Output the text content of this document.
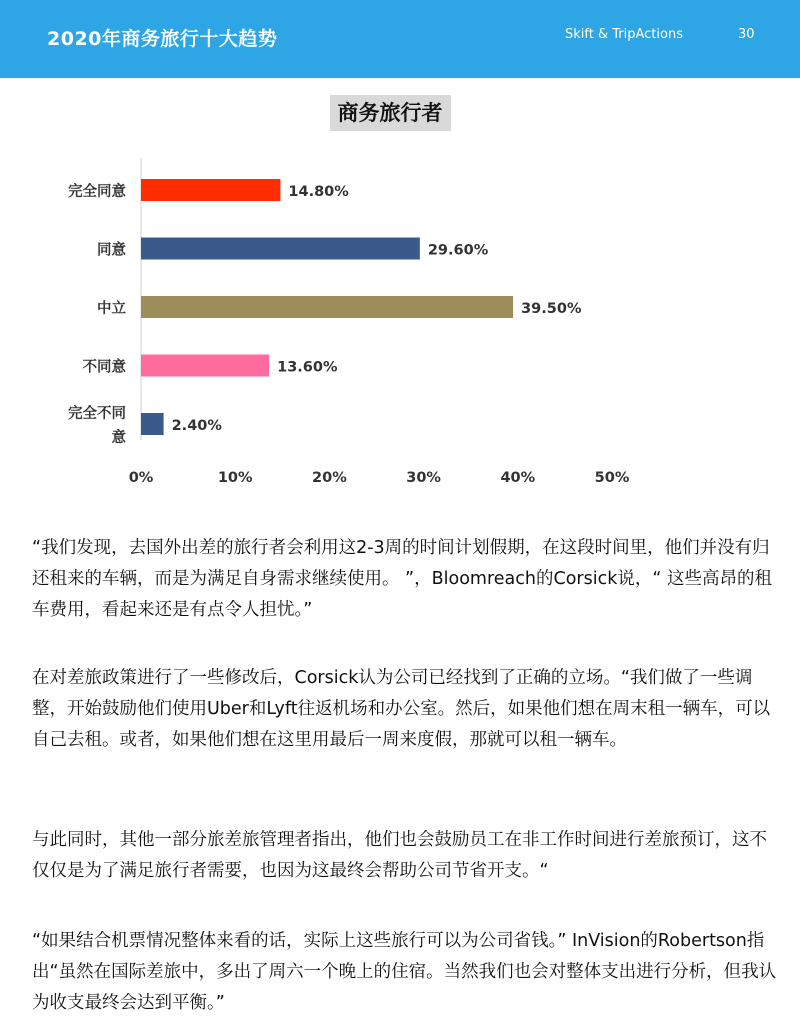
2020年商务旅行十大趋势	Skift & TripActions	30
商务旅行者
14.80%
完全同意
29.60%
同意
39.50%
中立
13.60%
不同意
2.40%
完全不同意
0%	10%	20%	30%	40%	50%
“我们发现，去国外出差的旅行者会利用这2-3周的时间计划假期，在这段时间里，他们并没有归还租来的车辆，而是为满足自身需求继续使用。 ”，Bloomreach的Corsick说，“ 这些高昂的租车费用，看起来还是有点令人担忧。”
在对差旅政策进行了一些修改后，Corsick认为公司已经找到了正确的立场。“我们做了一些调整，开始鼓励他们使用Uber和Lyft往返机场和办公室。然后，如果他们想在周末租一辆车，可以自己去租。或者，如果他们想在这里用最后一周来度假，那就可以租一辆车。
与此同时，其他一部分旅差旅管理者指出，他们也会鼓励员工在非工作时间进行差旅预订，这不仅仅是为了满足旅行者需要，也因为这最终会帮助公司节省开支。“
“如果结合机票情况整体来看的话，实际上这些旅行可以为公司省钱。” InVision的Robertson指出“虽然在国际差旅中，多出了周六一个晚上的住宿。当然我们也会对整体支出进行分析，但我认为收支最终会达到平衡。”
